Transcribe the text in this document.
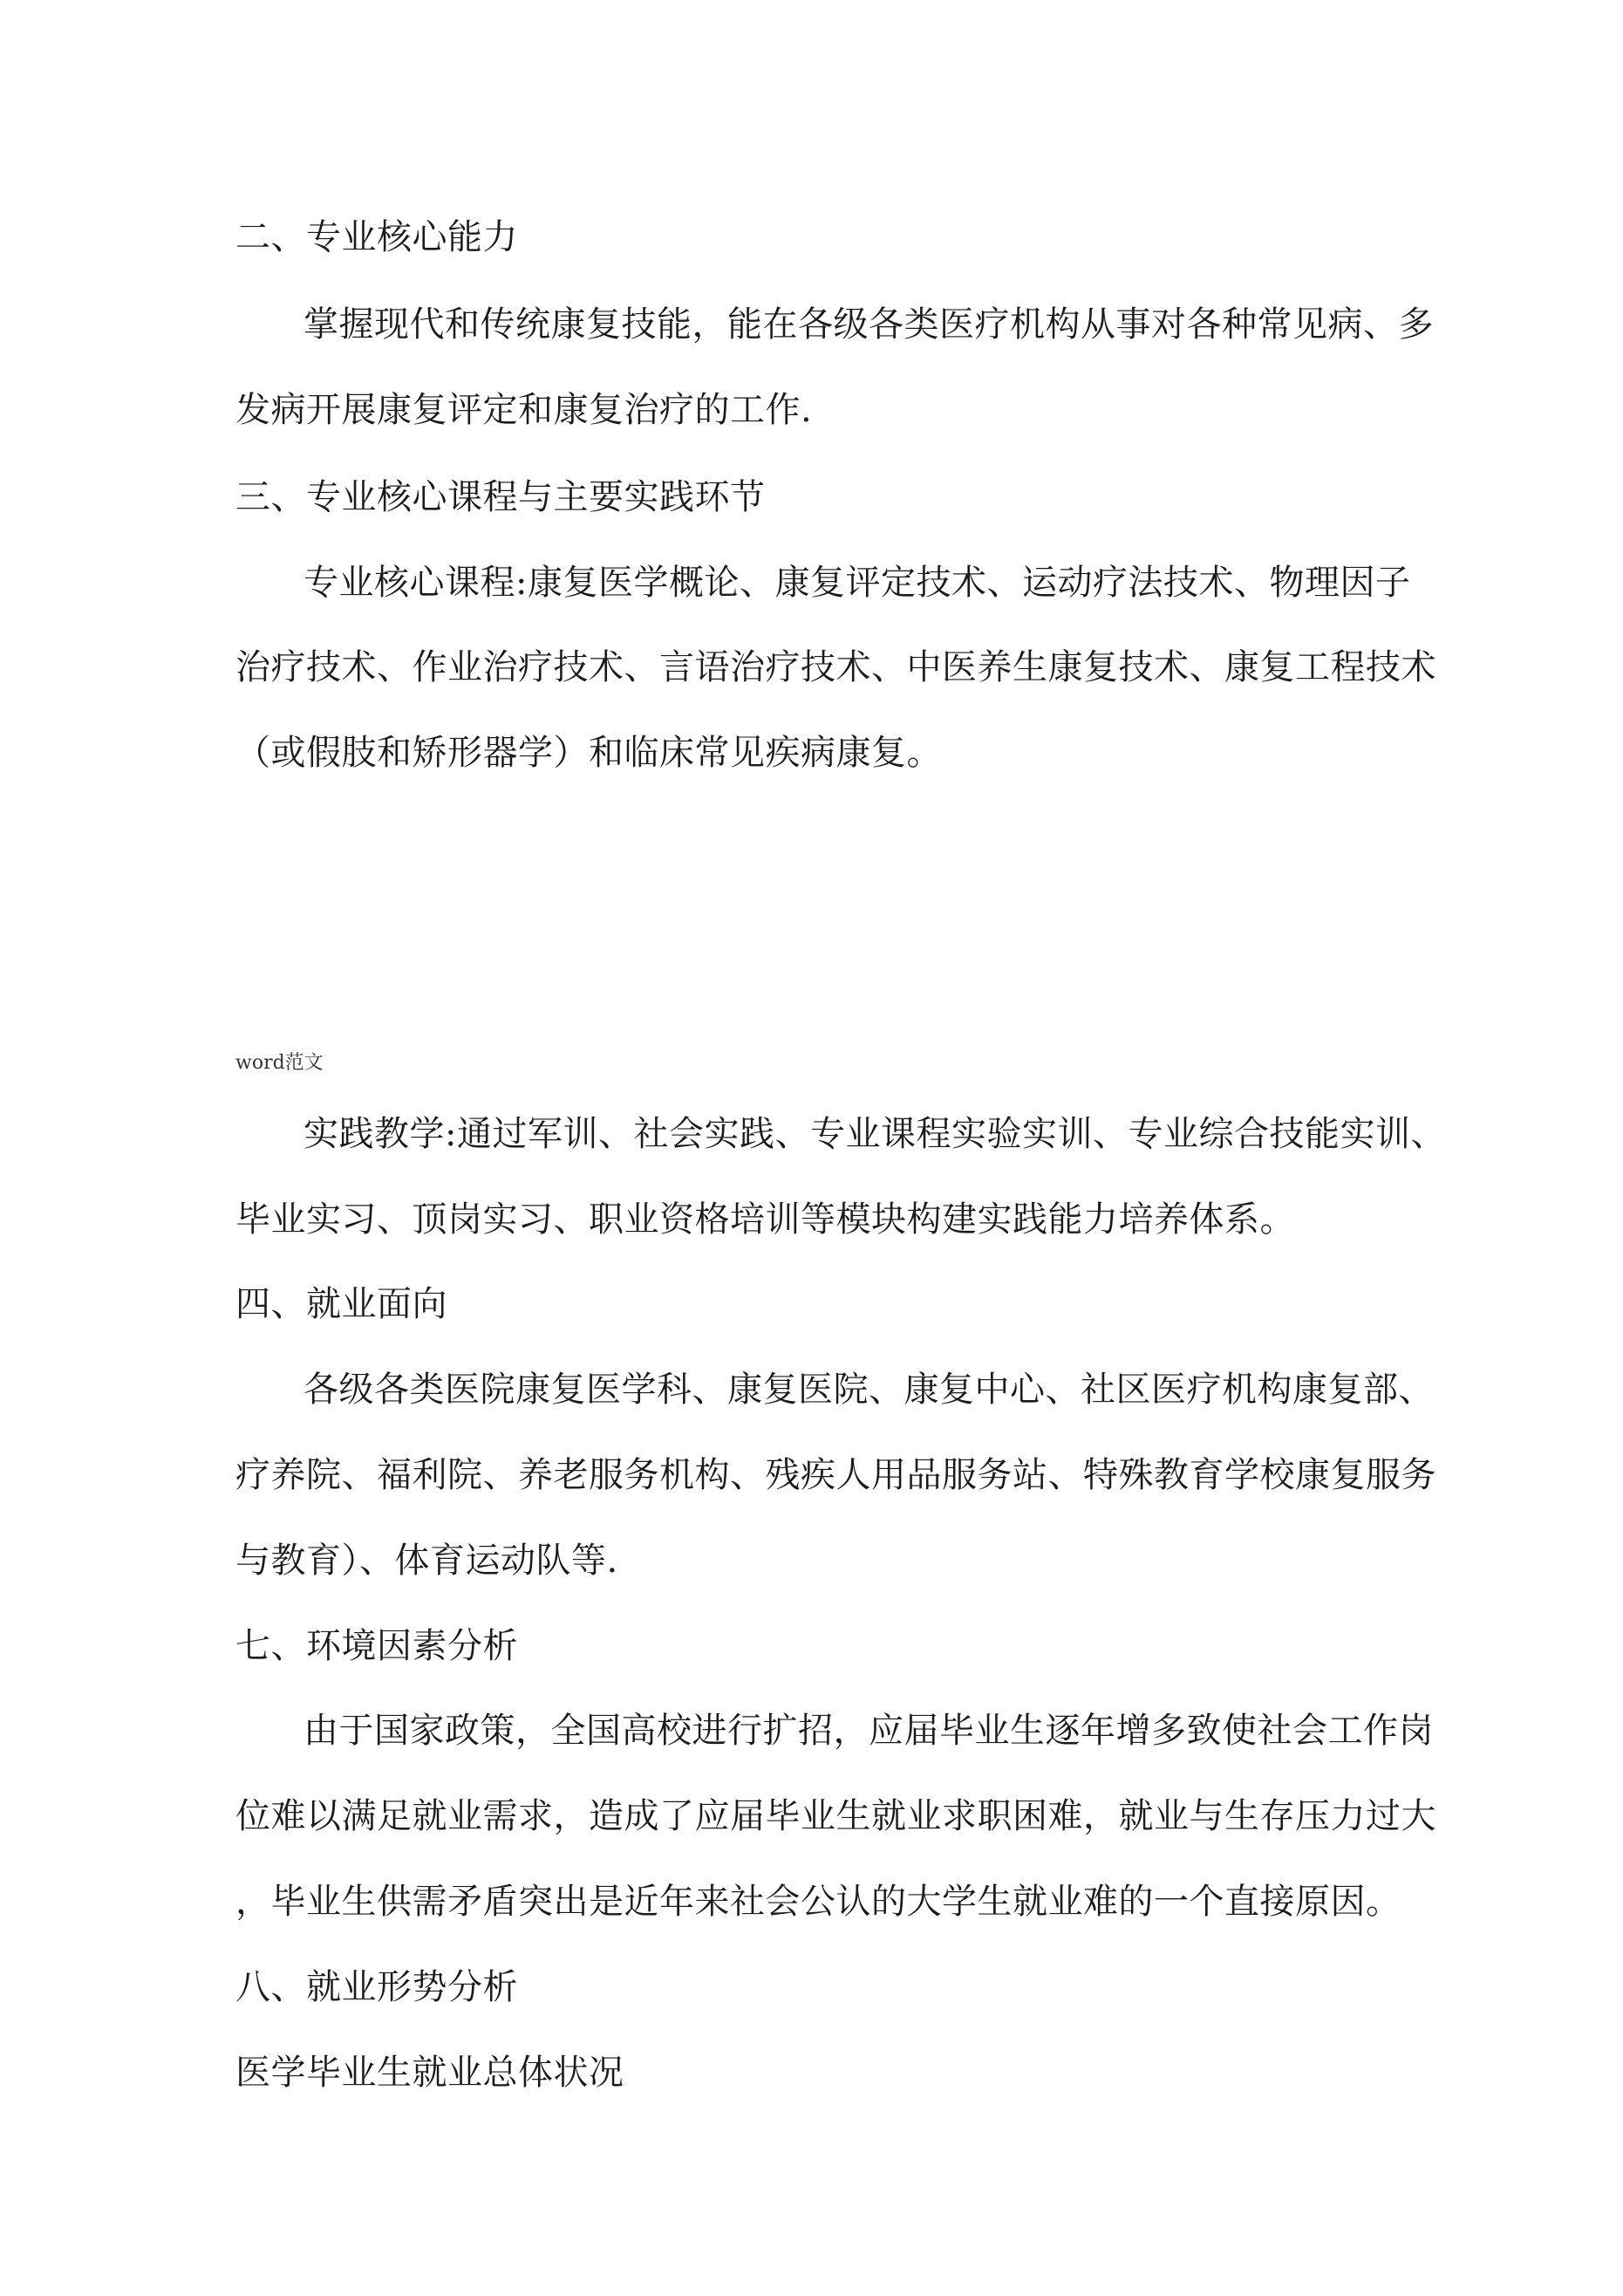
二、专业核心能力

掌握现代和传统康复技能，能在各级各类医疗机构从事对各种常见病、多

发病开展康复评定和康复治疗的工作.

三、专业核心课程与主要实践环节

专业核心课程:康复医学概论、康复评定技术、运动疗法技术、物理因子

治疗技术、作业治疗技术、言语治疗技术、中医养生康复技术、康复工程技术

（或假肢和矫形器学）和临床常见疾病康复。

word范文

实践教学:通过军训、社会实践、专业课程实验实训、专业综合技能实训、

毕业实习、顶岗实习、职业资格培训等模块构建实践能力培养体系。

四、就业面向

各级各类医院康复医学科、康复医院、康复中心、社区医疗机构康复部、

疗养院、福利院、养老服务机构、残疾人用品服务站、特殊教育学校康复服务

与教育）、体育运动队等.

七、环境因素分析

由于国家政策，全国高校进行扩招，应届毕业生逐年增多致使社会工作岗

位难以满足就业需求，造成了应届毕业生就业求职困难，就业与生存压力过大

，毕业生供需矛盾突出是近年来社会公认的大学生就业难的一个直接原因。

八、就业形势分析

医学毕业生就业总体状况
